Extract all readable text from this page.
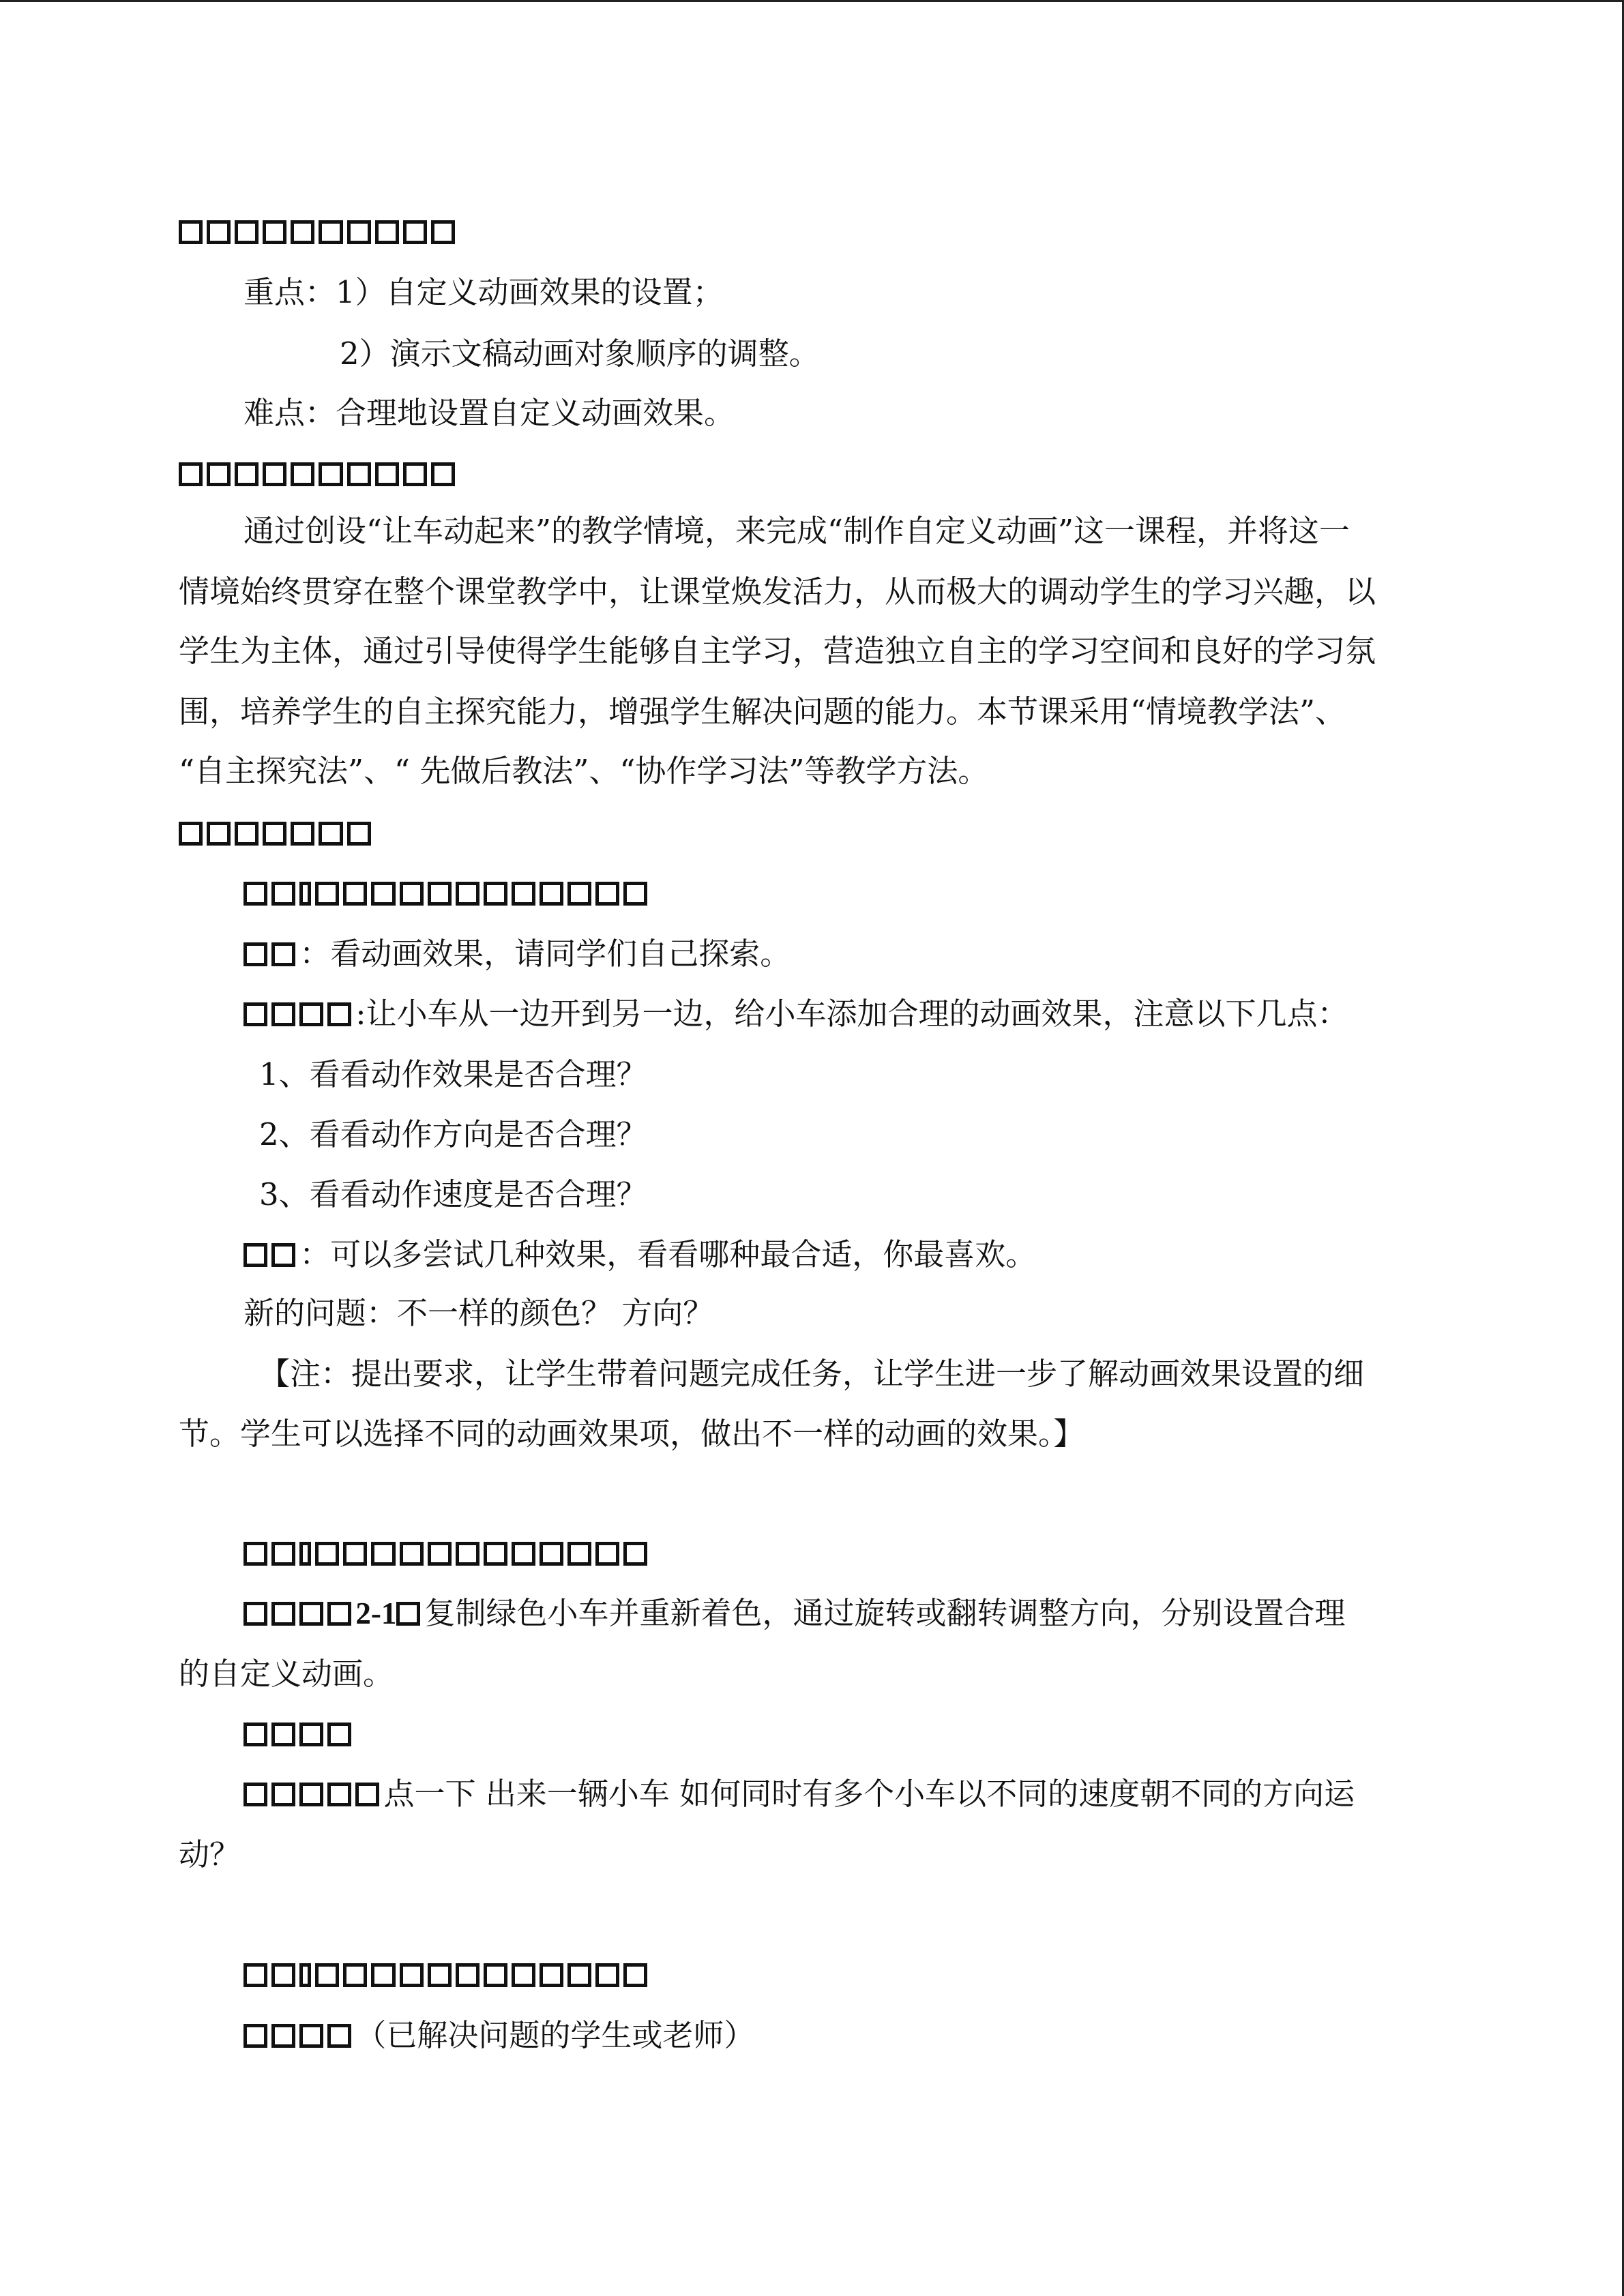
重点：1）自定义动画效果的设置；
2）演示文稿动画对象顺序的调整。
难点：合理地设置自定义动画效果。
通过创设“让车动起来”的教学情境，来完成“制作自定义动画”这一课程，并将这一
情境始终贯穿在整个课堂教学中，让课堂焕发活力，从而极大的调动学生的学习兴趣，以
学生为主体，通过引导使得学生能够自主学习，营造独立自主的学习空间和良好的学习氛
围，培养学生的自主探究能力，增强学生解决问题的能力。本节课采用“情境教学法”、
“自主探究法”、“ 先做后教法”、“协作学习法”等教学方法。
：看动画效果，请同学们自己探索。
:让小车从一边开到另一边，给小车添加合理的动画效果，注意以下几点：
1、看看动作效果是否合理？
2、看看动作方向是否合理？
3、看看动作速度是否合理？
：可以多尝试几种效果，看看哪种最合适，你最喜欢。
新的问题：不一样的颜色？ 方向？
【注：提出要求，让学生带着问题完成任务，让学生进一步了解动画效果设置的细
节。学生可以选择不同的动画效果项，做出不一样的动画的效果。】
2-1 复制绿色小车并重新着色，通过旋转或翻转调整方向，分别设置合理
的自定义动画。
点一下 出来一辆小车 如何同时有多个小车以不同的速度朝不同的方向运
动？
（已解决问题的学生或老师）
